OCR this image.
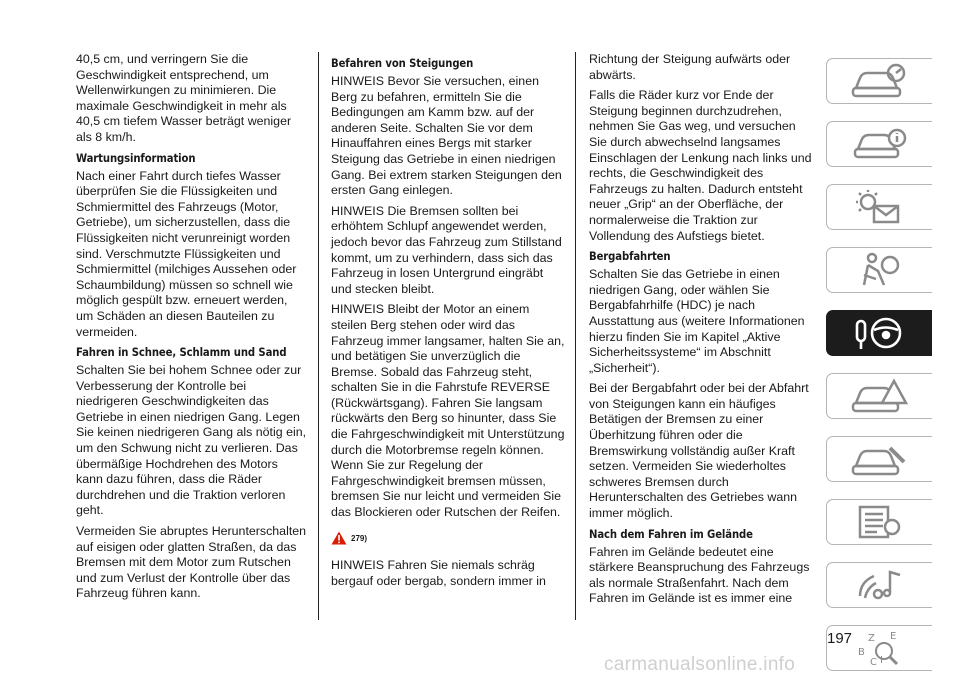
40,5 cm, und verringern Sie die Geschwindigkeit entsprechend, um Wellenwirkungen zu minimieren. Die maximale Geschwindigkeit in mehr als 40,5 cm tiefem Wasser beträgt weniger als 8 km/h.

Wartungsinformation

Nach einer Fahrt durch tiefes Wasser überprüfen Sie die Flüssigkeiten und Schmiermittel des Fahrzeugs (Motor, Getriebe), um sicherzustellen, dass die Flüssigkeiten nicht verunreinigt worden sind. Verschmutzte Flüssigkeiten und Schmiermittel (milchiges Aussehen oder Schaumbildung) müssen so schnell wie möglich gespült bzw. erneuert werden, um Schäden an diesen Bauteilen zu vermeiden.

Fahren in Schnee, Schlamm und Sand

Schalten Sie bei hohem Schnee oder zur Verbesserung der Kontrolle bei niedrigeren Geschwindigkeiten das Getriebe in einen niedrigen Gang. Legen Sie keinen niedrigeren Gang als nötig ein, um den Schwung nicht zu verlieren. Das übermäßige Hochdrehen des Motors kann dazu führen, dass die Räder durchdrehen und die Traktion verloren geht.

Vermeiden Sie abruptes Herunterschalten auf eisigen oder glatten Straßen, da das Bremsen mit dem Motor zum Rutschen und zum Verlust der Kontrolle über das Fahrzeug führen kann.

Befahren von Steigungen

HINWEIS Bevor Sie versuchen, einen Berg zu befahren, ermitteln Sie die Bedingungen am Kamm bzw. auf der anderen Seite. Schalten Sie vor dem Hinauffahren eines Bergs mit starker Steigung das Getriebe in einen niedrigen Gang. Bei extrem starken Steigungen den ersten Gang einlegen.

HINWEIS Die Bremsen sollten bei erhöhtem Schlupf angewendet werden, jedoch bevor das Fahrzeug zum Stillstand kommt, um zu verhindern, dass sich das Fahrzeug in losen Untergrund eingräbt und stecken bleibt.

HINWEIS Bleibt der Motor an einem steilen Berg stehen oder wird das Fahrzeug immer langsamer, halten Sie an, und betätigen Sie unverzüglich die Bremse. Sobald das Fahrzeug steht, schalten Sie in die Fahrstufe REVERSE (Rückwärtsgang). Fahren Sie langsam rückwärts den Berg so hinunter, dass Sie die Fahrgeschwindigkeit mit Unterstützung durch die Motorbremse regeln können. Wenn Sie zur Regelung der Fahrgeschwindigkeit bremsen müssen, bremsen Sie nur leicht und vermeiden Sie das Blockieren oder Rutschen der Reifen.

279)

HINWEIS Fahren Sie niemals schräg bergauf oder bergab, sondern immer in

Richtung der Steigung aufwärts oder abwärts.

Falls die Räder kurz vor Ende der Steigung beginnen durchzudrehen, nehmen Sie Gas weg, und versuchen Sie durch abwechselnd langsames Einschlagen der Lenkung nach links und rechts, die Geschwindigkeit des Fahrzeugs zu halten. Dadurch entsteht neuer „Grip“ an der Oberfläche, der normalerweise die Traktion zur Vollendung des Aufstiegs bietet.

Bergabfahrten

Schalten Sie das Getriebe in einen niedrigen Gang, oder wählen Sie Bergabfahrhilfe (HDC) je nach Ausstattung aus (weitere Informationen hierzu finden Sie im Kapitel „Aktive Sicherheitssysteme“ im Abschnitt „Sicherheit“).

Bei der Bergabfahrt oder bei der Abfahrt von Steigungen kann ein häufiges Betätigen der Bremsen zu einer Überhitzung führen oder die Bremswirkung vollständig außer Kraft setzen. Vermeiden Sie wiederholtes schweres Bremsen durch Herunterschalten des Getriebes wann immer möglich.

Nach dem Fahren im Gelände

Fahren im Gelände bedeutet eine stärkere Beanspruchung des Fahrzeugs als normale Straßenfahrt. Nach dem Fahren im Gelände ist es immer eine

Z E
B
C I
197
carmanualsonline.info
